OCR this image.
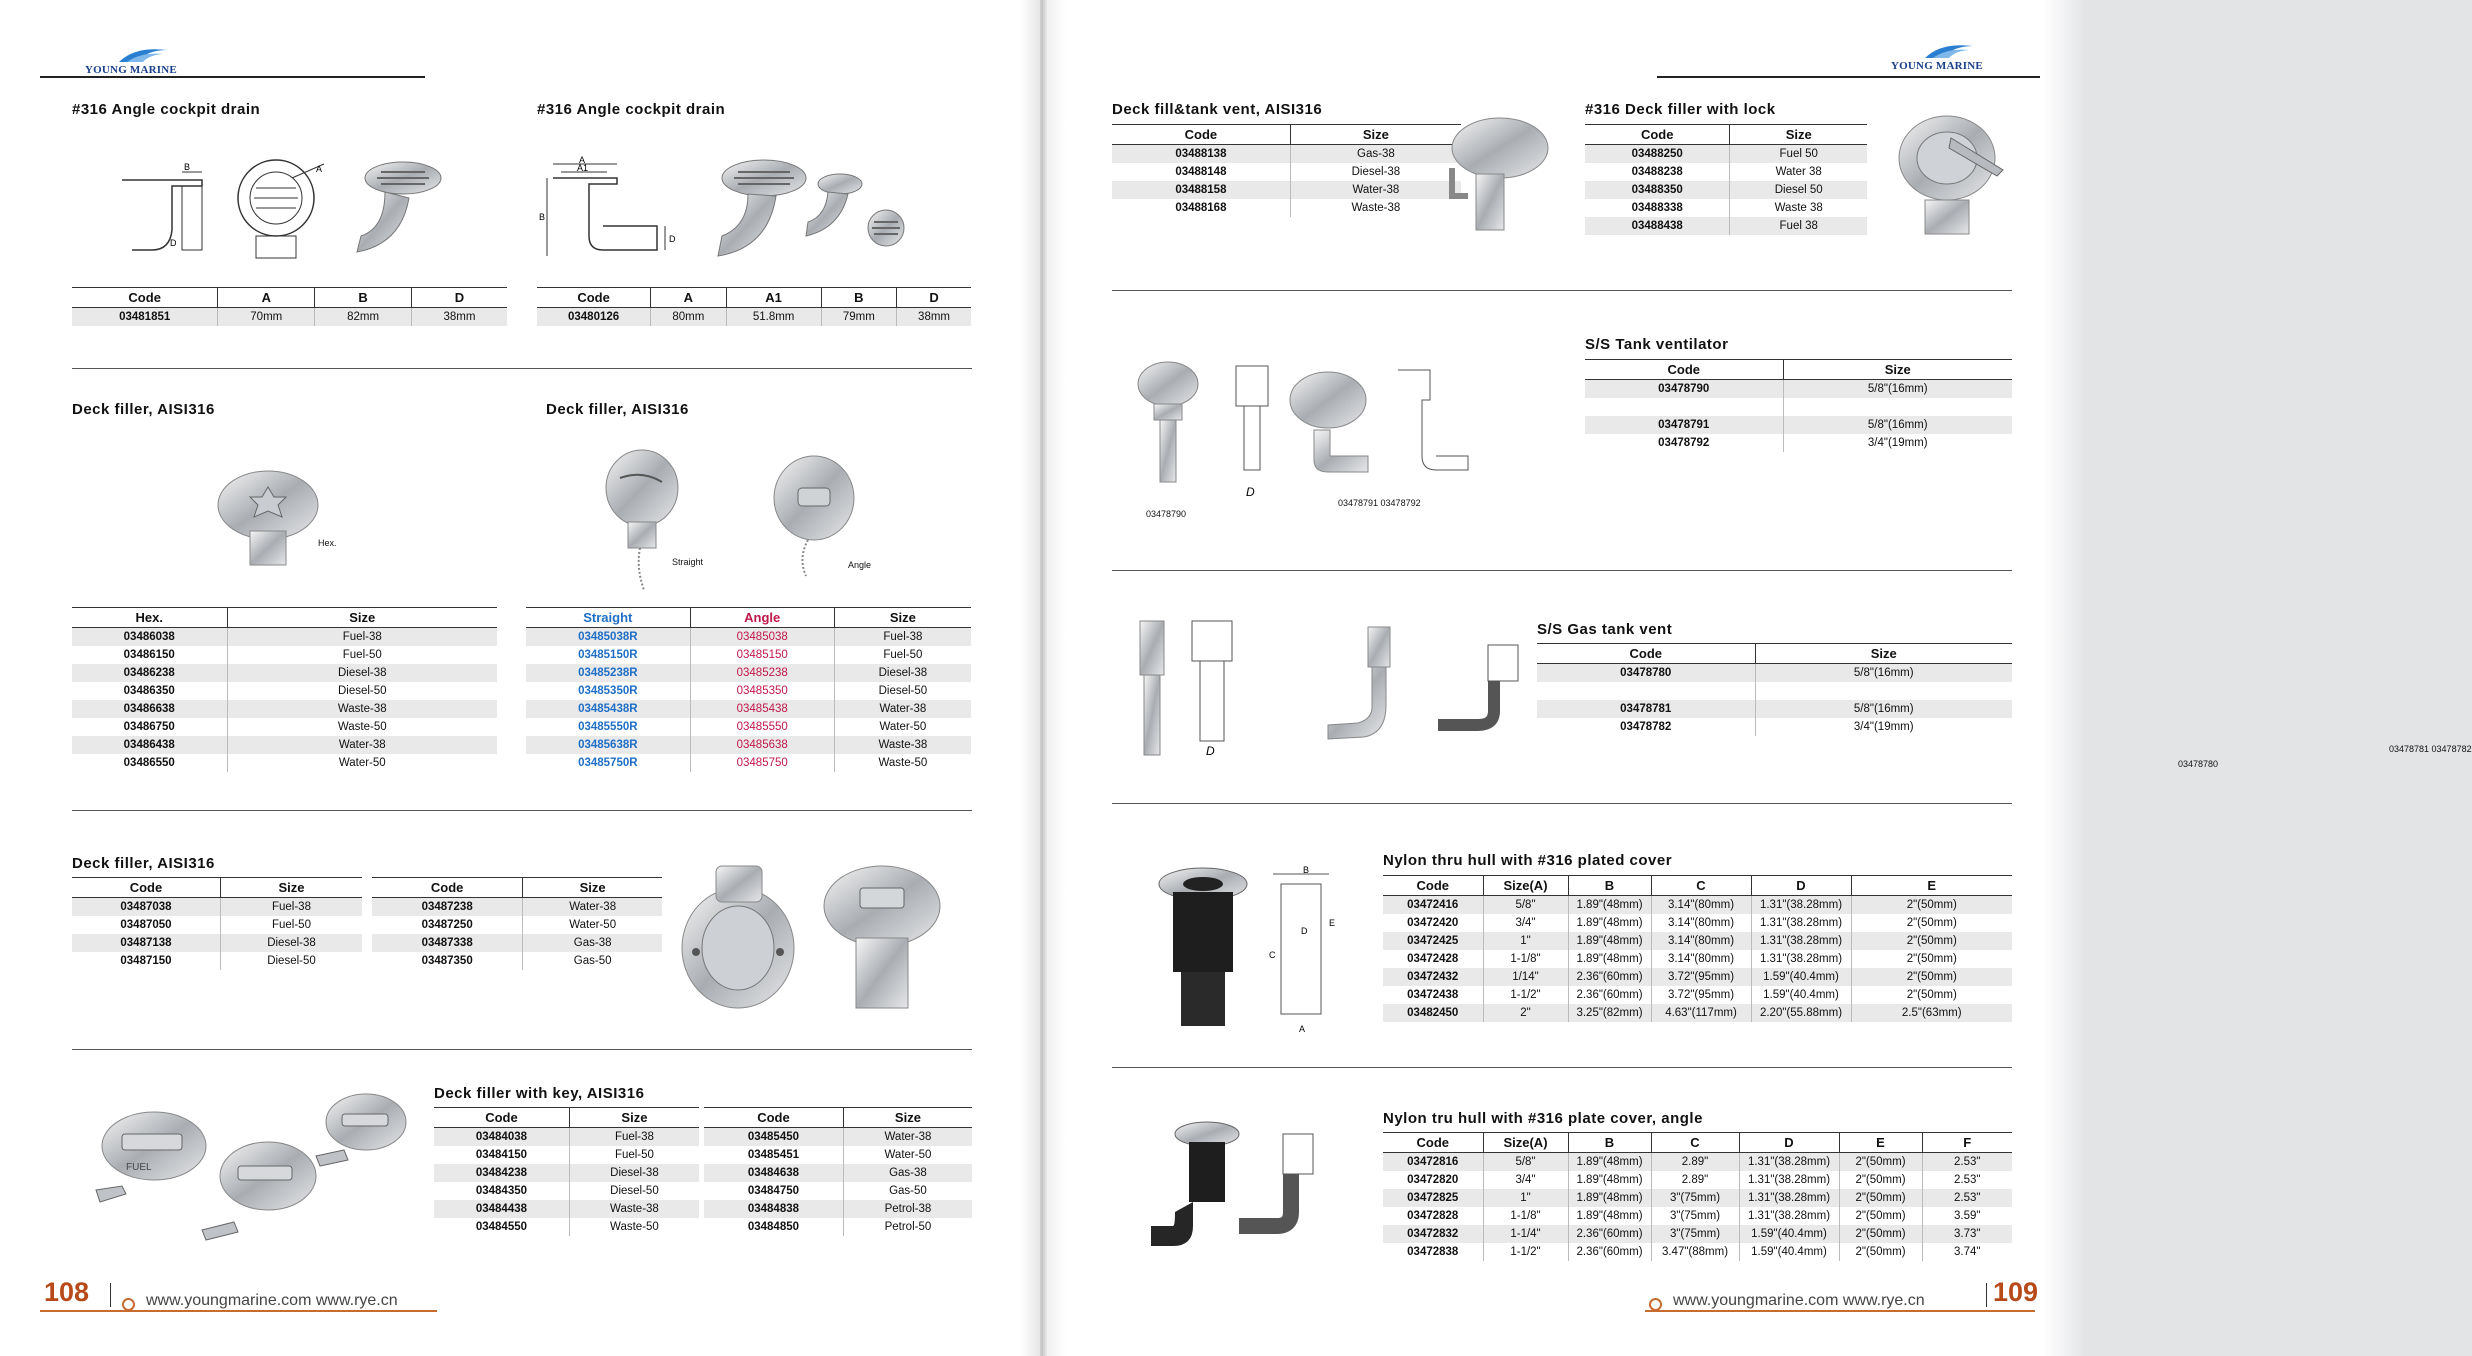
YOUNG MARINE
#316 Angle cockpit drain
B
D
A
Code	A	B	D
03481851	70mm	82mm	38mm
#316 Angle cockpit drain
A
A1
B
D
Code	A	A1	B	D
03480126	80mm	51.8mm	79mm	38mm
Deck filler, AISI316
Hex.
Hex.	Size
03486038	Fuel-38
03486150	Fuel-50
03486238	Diesel-38
03486350	Diesel-50
03486638	Waste-38
03486750	Waste-50
03486438	Water-38
03486550	Water-50
Deck filler, AISI316
Straight	Angle
Straight	Angle	Size
03485038R	03485038	Fuel-38
03485150R	03485150	Fuel-50
03485238R	03485238	Diesel-38
03485350R	03485350	Diesel-50
03485438R	03485438	Water-38
03485550R	03485550	Water-50
03485638R	03485638	Waste-38
03485750R	03485750	Waste-50
Deck filler, AISI316
Code	Size
03487038	Fuel-38
03487050	Fuel-50
03487138	Diesel-38
03487150	Diesel-50
Code	Size
03487238	Water-38
03487250	Water-50
03487338	Gas-38
03487350	Gas-50
Deck filler with key, AISI316
FUEL
Code	Size
03484038	Fuel-38
03484150	Fuel-50
03484238	Diesel-38
03484350	Diesel-50
03484438	Waste-38
03484550	Waste-50
Code	Size
03485450	Water-38
03485451	Water-50
03484638	Gas-38
03484750	Gas-50
03484838	Petrol-38
03484850	Petrol-50
108	www.youngmarine.com www.rye.cn
YOUNG MARINE
Deck fill&tank vent, AISI316
Code	Size
03488138	Gas-38
03488148	Diesel-38
03488158	Water-38
03488168	Waste-38
#316 Deck filler with lock
Code	Size
03488250	Fuel 50
03488238	Water 38
03488350	Diesel 50
03488338	Waste 38
03488438	Fuel 38
S/S Tank ventilator
Code	Size
03478790	5/8"(16mm)

03478791	5/8"(16mm)
03478792	3/4"(19mm)
D
03478790
03478791 03478792
S/S Gas tank vent
Code	Size
03478780	5/8"(16mm)

03478781	5/8"(16mm)
03478782	3/4"(19mm)
D
03478780
03478781 03478782
Nylon thru hull with #316 plated cover
Code	Size(A)	B	C	D	E
03472416	5/8"	1.89"(48mm)	3.14"(80mm)	1.31"(38.28mm)	2"(50mm)
03472420	3/4"	1.89"(48mm)	3.14"(80mm)	1.31"(38.28mm)	2"(50mm)
03472425	1"	1.89"(48mm)	3.14"(80mm)	1.31"(38.28mm)	2"(50mm)
03472428	1-1/8"	1.89"(48mm)	3.14"(80mm)	1.31"(38.28mm)	2"(50mm)
03472432	1/14"	2.36"(60mm)	3.72"(95mm)	1.59"(40.4mm)	2"(50mm)
03472438	1-1/2"	2.36"(60mm)	3.72"(95mm)	1.59"(40.4mm)	2"(50mm)
03482450	2"	3.25"(82mm)	4.63"(117mm)	2.20"(55.88mm)	2.5"(63mm)
B
C
D
E
A
Nylon tru hull with #316 plate cover, angle
Code	Size(A)	B	C	D	E	F
03472816	5/8"	1.89"(48mm)	2.89"	1.31"(38.28mm)	2"(50mm)	2.53"
03472820	3/4"	1.89"(48mm)	2.89"	1.31"(38.28mm)	2"(50mm)	2.53"
03472825	1"	1.89"(48mm)	3"(75mm)	1.31"(38.28mm)	2"(50mm)	2.53"
03472828	1-1/8"	1.89"(48mm)	3"(75mm)	1.31"(38.28mm)	2"(50mm)	3.59"
03472832	1-1/4"	2.36"(60mm)	3"(75mm)	1.59"(40.4mm)	2"(50mm)	3.73"
03472838	1-1/2"	2.36"(60mm)	3.47"(88mm)	1.59"(40.4mm)	2"(50mm)	3.74"
www.youngmarine.com www.rye.cn	109
